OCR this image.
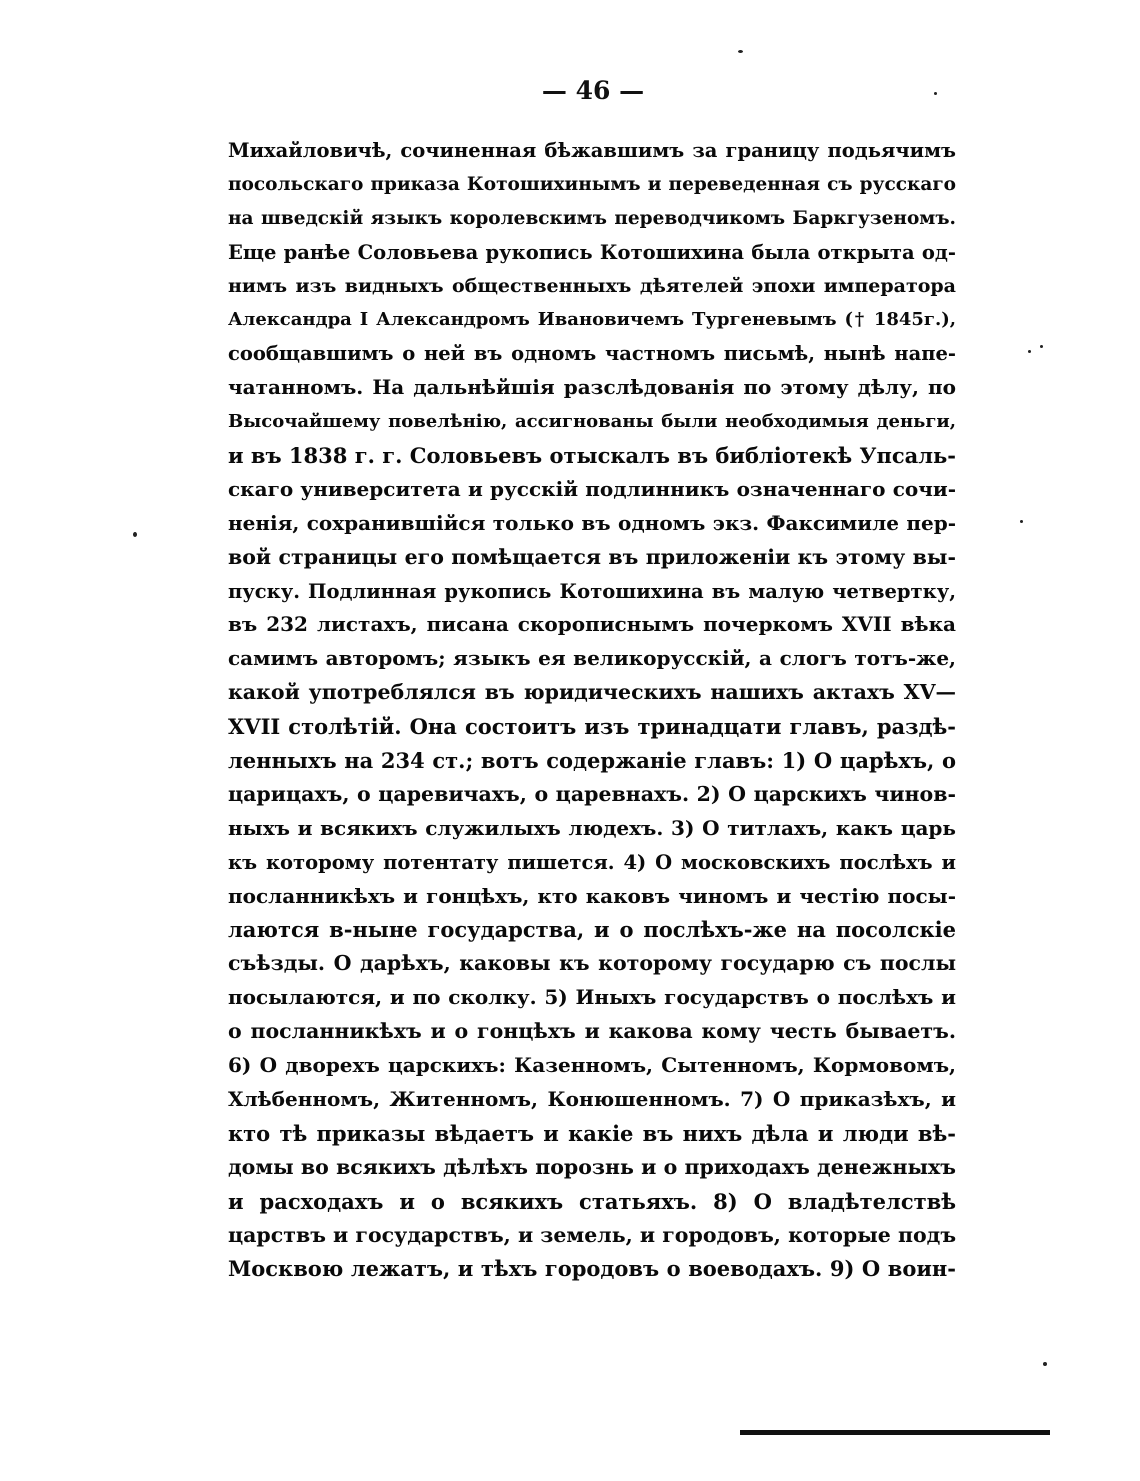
— 46 —
Михайловичѣ, сочиненная бѣжавшимъ за границу подьячимъ
посольскаго приказа Котошихинымъ и переведенная съ русскаго
на шведскій языкъ королевскимъ переводчикомъ Баркгузеномъ.
Еще ранѣе Соловьева рукопись Котошихина была открыта од-
нимъ изъ видныхъ общественныхъ дѣятелей эпохи императора
Александра I Александромъ Ивановичемъ Тургеневымъ († 1845г.),
сообщавшимъ о ней въ одномъ частномъ письмѣ, нынѣ напе-
чатанномъ. На дальнѣйшія разслѣдованія по этому дѣлу, по
Высочайшему повелѣнію, ассигнованы были необходимыя деньги,
и въ 1838 г. г. Соловьевъ отыскалъ въ библіотекѣ Упсаль-
скаго университета и русскій подлинникъ означеннаго сочи-
ненія, сохранившійся только въ одномъ экз. Факсимиле пер-
вой страницы его помѣщается въ приложеніи къ этому вы-
пуску. Подлинная рукопись Котошихина въ малую четвертку,
въ 232 листахъ, писана скорописнымъ почеркомъ XVII вѣка
самимъ авторомъ; языкъ ея великорусскій, а слогъ тотъ-же,
какой употреблялся въ юридическихъ нашихъ актахъ XV—
XVII столѣтій. Она состоитъ изъ тринадцати главъ, раздѣ-
ленныхъ на 234 ст.; вотъ содержаніе главъ: 1) О царѣхъ, о
царицахъ, о царевичахъ, о царевнахъ. 2) О царскихъ чинов-
ныхъ и всякихъ служилыхъ людехъ. 3) О титлахъ, какъ царь
къ которому потентату пишется. 4) О московскихъ послѣхъ и
посланникѣхъ и гонцѣхъ, кто каковъ чиномъ и честію посы-
лаются в-ныне государства, и о послѣхъ-же на посолскіе
съѣзды. О дарѣхъ, каковы къ которому государю съ послы
посылаются, и по сколку. 5) Иныхъ государствъ о послѣхъ и
о посланникѣхъ и о гонцѣхъ и какова кому честь бываетъ.
6) О дворехъ царскихъ: Казенномъ, Сытенномъ, Кормовомъ,
Хлѣбенномъ, Житенномъ, Конюшенномъ. 7) О приказѣхъ, и
кто тѣ приказы вѣдаетъ и какіе въ нихъ дѣла и люди вѣ-
домы во всякихъ дѣлѣхъ порознь и о приходахъ денежныхъ
и расходахъ и о всякихъ статьяхъ. 8) О владѣтелствѣ
царствъ и государствъ, и земель, и городовъ, которые подъ
Москвою лежатъ, и тѣхъ городовъ о воеводахъ. 9) О воин-
